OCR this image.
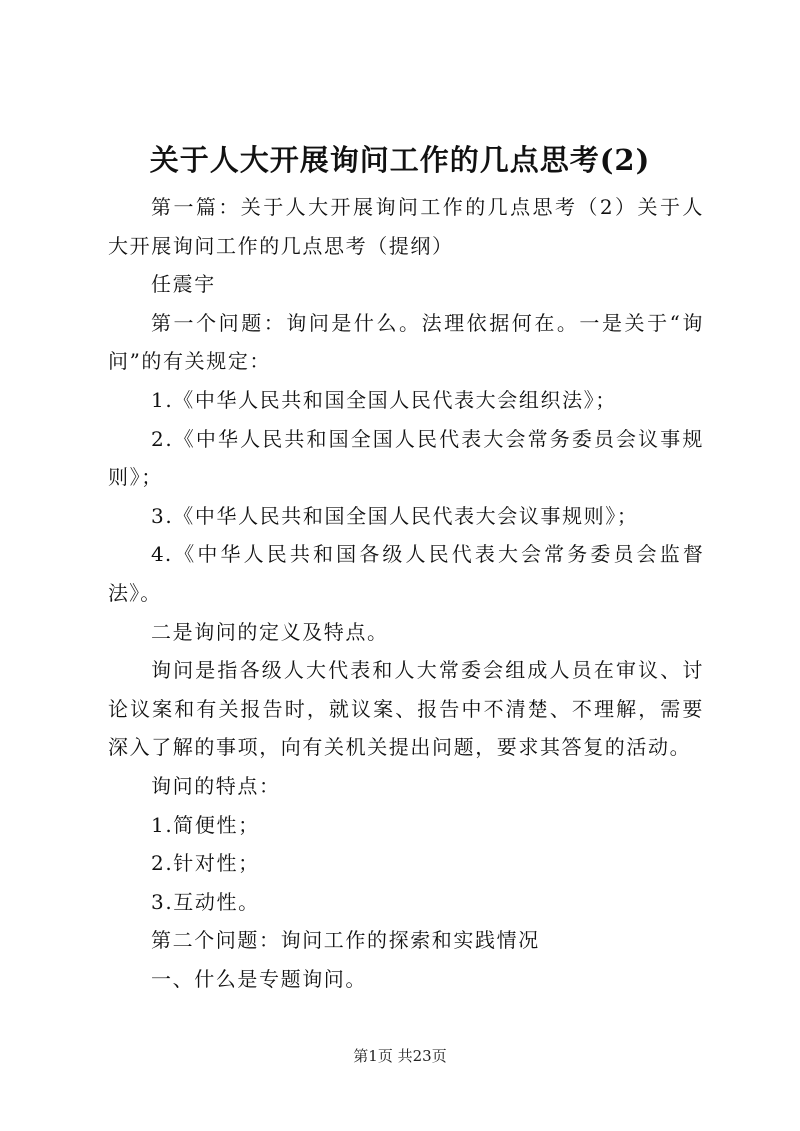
关于人大开展询问工作的几点思考(2)

第一篇：关于人大开展询问工作的几点思考（2）关于人大开展询问工作的几点思考（提纲）

任震宇

第一个问题：询问是什么。法理依据何在。一是关于“询问”的有关规定：

1.《中华人民共和国全国人民代表大会组织法》；

2.《中华人民共和国全国人民代表大会常务委员会议事规则》；

3.《中华人民共和国全国人民代表大会议事规则》；

4.《中华人民共和国各级人民代表大会常务委员会监督法》。

二是询问的定义及特点。

询问是指各级人大代表和人大常委会组成人员在审议、讨论议案和有关报告时，就议案、报告中不清楚、不理解，需要深入了解的事项，向有关机关提出问题，要求其答复的活动。

询问的特点：

1.简便性；

2.针对性；

3.互动性。

第二个问题：询问工作的探索和实践情况

一、什么是专题询问。

第1页 共23页
